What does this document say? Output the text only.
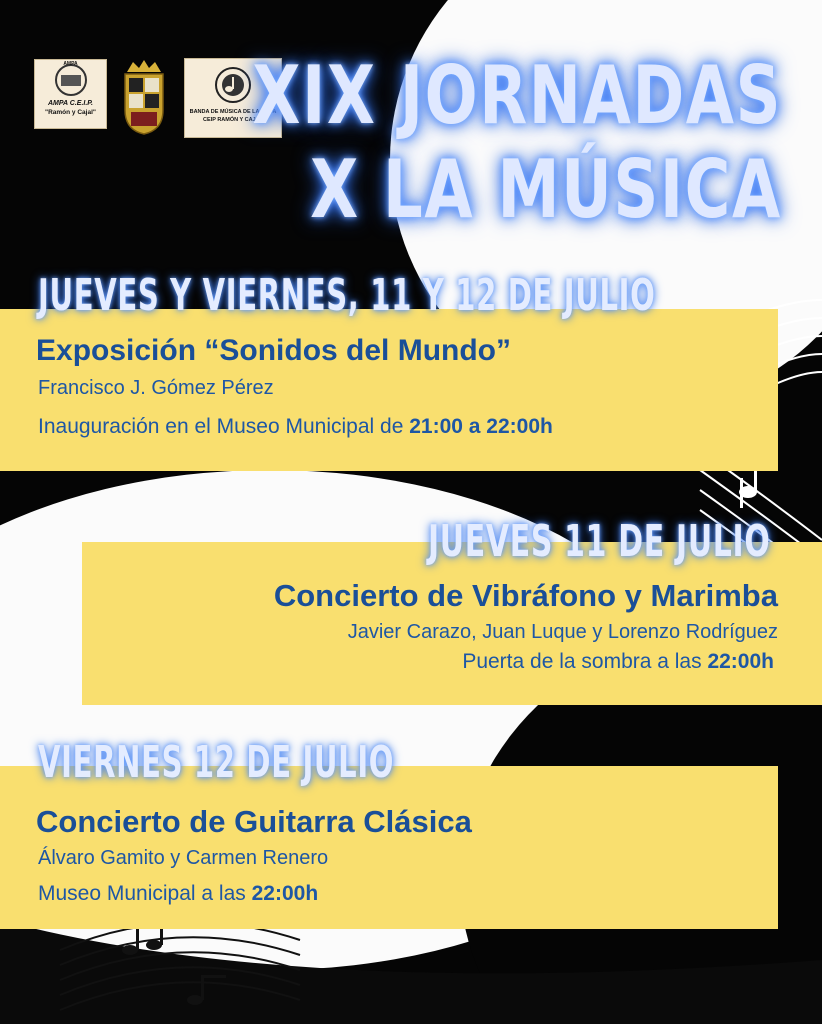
AMPA
AMPA C.E.I.P.
"Ramón y Cajal"	BANDA DE MÚSICA DE LA AMPA
CEIP RAMÓN Y CAJAL
XIX JORNADAS
X LA MÚSICA
JUEVES Y VIERNES, 11 Y 12 DE JULIO
Exposición “Sonidos del Mundo”
Francisco J. Gómez Pérez
Inauguración en el Museo Municipal de 21:00 a 22:00h
JUEVES 11 DE JULIO
Concierto de Vibráfono y Marimba
Javier Carazo, Juan Luque y Lorenzo Rodríguez
Puerta de la sombra a las 22:00h
VIERNES 12 DE JULIO
Concierto de Guitarra Clásica
Álvaro Gamito y Carmen Renero
Museo Municipal a las 22:00h
